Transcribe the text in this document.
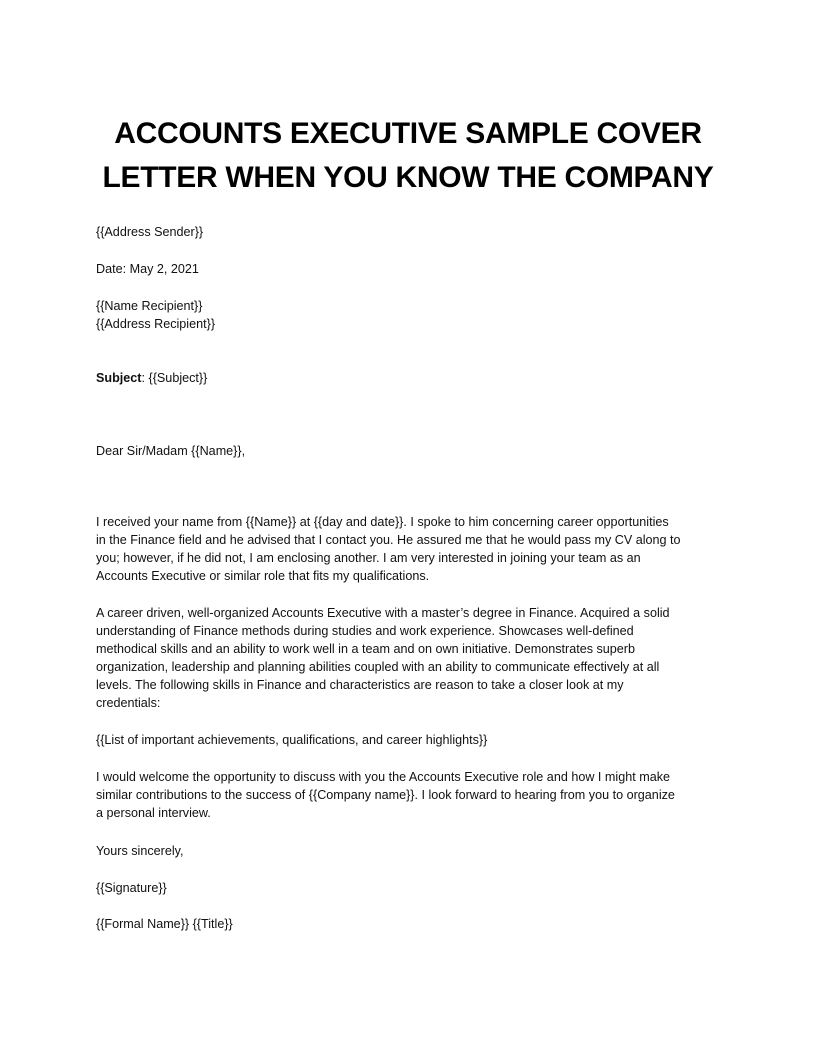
ACCOUNTS EXECUTIVE SAMPLE COVER
LETTER WHEN YOU KNOW THE COMPANY
{{Address Sender}}
Date: May 2, 2021
{{Name Recipient}}
{{Address Recipient}}
Subject: {{Subject}}
Dear Sir/Madam {{Name}},
I received your name from {{Name}} at {{day and date}}. I spoke to him concerning career opportunities
in the Finance field and he advised that I contact you. He assured me that he would pass my CV along to
you; however, if he did not, I am enclosing another. I am very interested in joining your team as an
Accounts Executive or similar role that fits my qualifications.
A career driven, well-organized Accounts Executive with a master’s degree in Finance. Acquired a solid
understanding of Finance methods during studies and work experience. Showcases well-defined
methodical skills and an ability to work well in a team and on own initiative. Demonstrates superb
organization, leadership and planning abilities coupled with an ability to communicate effectively at all
levels. The following skills in Finance and characteristics are reason to take a closer look at my
credentials:
{{List of important achievements, qualifications, and career highlights}}
I would welcome the opportunity to discuss with you the Accounts Executive role and how I might make
similar contributions to the success of {{Company name}}. I look forward to hearing from you to organize
a personal interview.
Yours sincerely,
{{Signature}}
{{Formal Name}} {{Title}}
